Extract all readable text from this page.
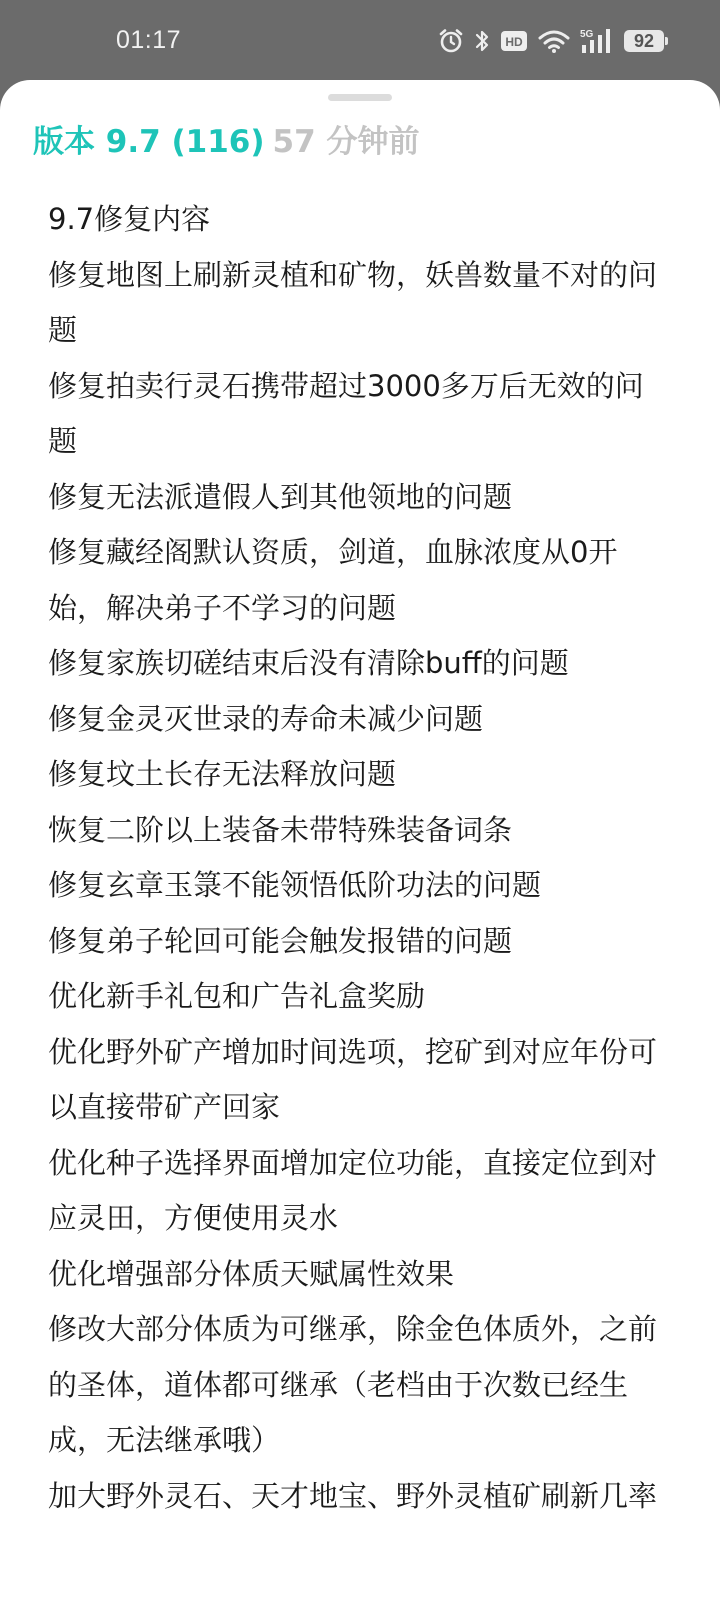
01:17	HD
5G	92
版本 9.7 (116) 57 分钟前
9.7修复内容
修复地图上刷新灵植和矿物，妖兽数量不对的问题
修复拍卖行灵石携带超过3000多万后无效的问题
修复无法派遣假人到其他领地的问题
修复藏经阁默认资质，剑道，血脉浓度从0开始，解决弟子不学习的问题
修复家族切磋结束后没有清除buff的问题
修复金灵灭世录的寿命未减少问题
修复坟土长存无法释放问题
恢复二阶以上装备未带特殊装备词条
修复玄章玉箓不能领悟低阶功法的问题
修复弟子轮回可能会触发报错的问题
优化新手礼包和广告礼盒奖励
优化野外矿产增加时间选项，挖矿到对应年份可以直接带矿产回家
优化种子选择界面增加定位功能，直接定位到对应灵田，方便使用灵水
优化增强部分体质天赋属性效果
修改大部分体质为可继承，除金色体质外，之前的圣体，道体都可继承（老档由于次数已经生成，无法继承哦）
加大野外灵石、天才地宝、野外灵植矿刷新几率
